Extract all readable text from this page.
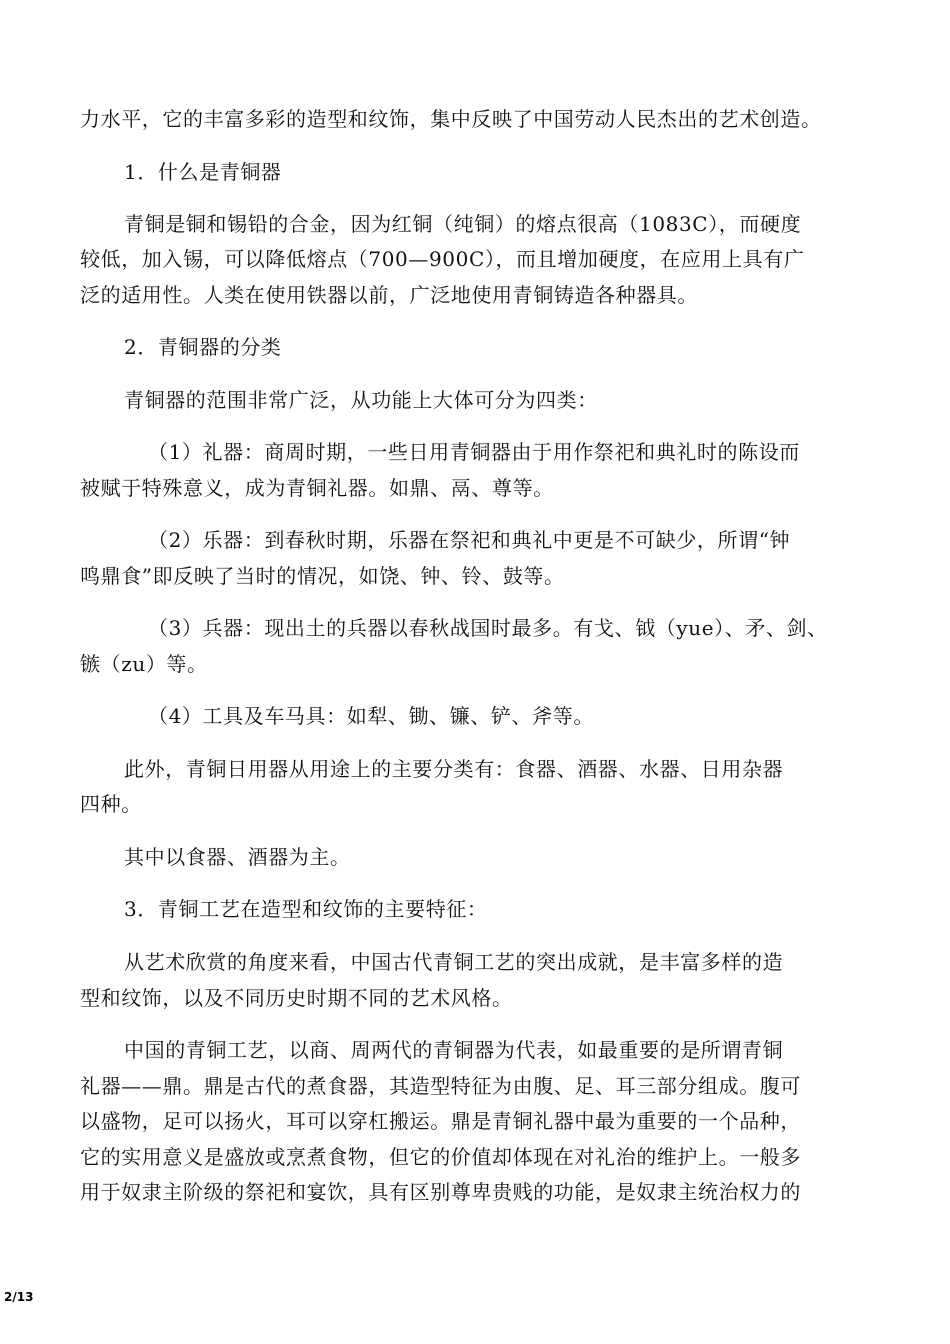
力水平，它的丰富多彩的造型和纹饰，集中反映了中国劳动人民杰出的艺术创造。
1．什么是青铜器
青铜是铜和锡铅的合金，因为红铜（纯铜）的熔点很高（1083C），而硬度
较低，加入锡，可以降低熔点（700—900C），而且增加硬度，在应用上具有广
泛的适用性。人类在使用铁器以前，广泛地使用青铜铸造各种器具。
2．青铜器的分类
青铜器的范围非常广泛，从功能上大体可分为四类：
（1）礼器：商周时期，一些日用青铜器由于用作祭祀和典礼时的陈设而
被赋于特殊意义，成为青铜礼器。如鼎、鬲、尊等。
（2）乐器：到春秋时期，乐器在祭祀和典礼中更是不可缺少，所谓“钟
鸣鼎食”即反映了当时的情况，如饶、钟、铃、鼓等。
（3）兵器：现出土的兵器以春秋战国时最多。有戈、钺（yue）、矛、剑、
镞（zu）等。
（4）工具及车马具：如犁、锄、镰、铲、斧等。
此外，青铜日用器从用途上的主要分类有：食器、酒器、水器、日用杂器
四种。
其中以食器、酒器为主。
3．青铜工艺在造型和纹饰的主要特征：
从艺术欣赏的角度来看，中国古代青铜工艺的突出成就，是丰富多样的造
型和纹饰，以及不同历史时期不同的艺术风格。
中国的青铜工艺，以商、周两代的青铜器为代表，如最重要的是所谓青铜
礼器——鼎。鼎是古代的煮食器，其造型特征为由腹、足、耳三部分组成。腹可
以盛物，足可以扬火，耳可以穿杠搬运。鼎是青铜礼器中最为重要的一个品种，
它的实用意义是盛放或烹煮食物，但它的价值却体现在对礼治的维护上。一般多
用于奴隶主阶级的祭祀和宴饮，具有区别尊卑贵贱的功能，是奴隶主统治权力的
2/13
